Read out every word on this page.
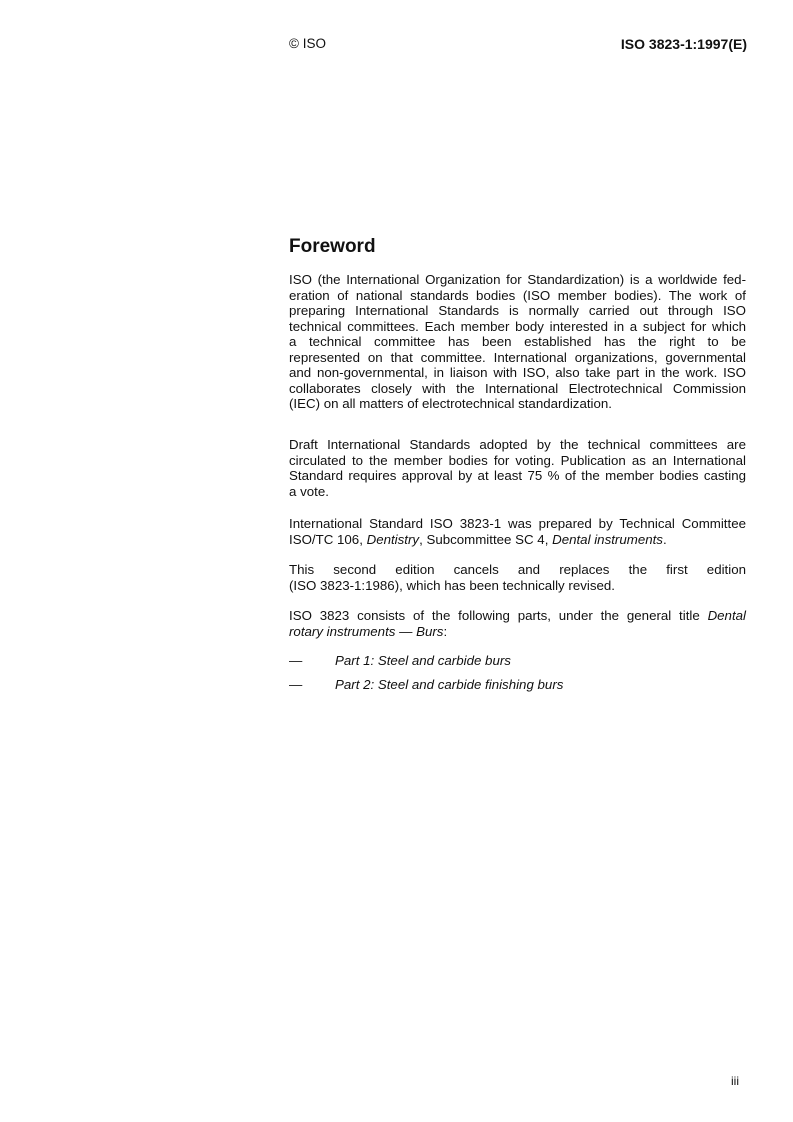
© ISO	ISO 3823-1:1997(E)
Foreword
ISO (the International Organization for Standardization) is a worldwide fed-
eration of national standards bodies (ISO member bodies). The work of
preparing International Standards is normally carried out through ISO
technical committees. Each member body interested in a subject for which
a technical committee has been established has the right to be
represented on that committee. International organizations, governmental
and non-governmental, in liaison with ISO, also take part in the work. ISO
collaborates closely with the International Electrotechnical Commission
(IEC) on all matters of electrotechnical standardization.
Draft International Standards adopted by the technical committees are
circulated to the member bodies for voting. Publication as an International
Standard requires approval by at least 75 % of the member bodies casting
a vote.
International Standard ISO 3823-1 was prepared by Technical Committee
ISO/TC 106, Dentistry, Subcommittee SC 4, Dental instruments.
This second edition cancels and replaces the first edition
(ISO 3823-1:1986), which has been technically revised.
ISO 3823 consists of the following parts, under the general title Dental
rotary instruments — Burs:
— Part 1: Steel and carbide burs
— Part 2: Steel and carbide finishing burs
iii
